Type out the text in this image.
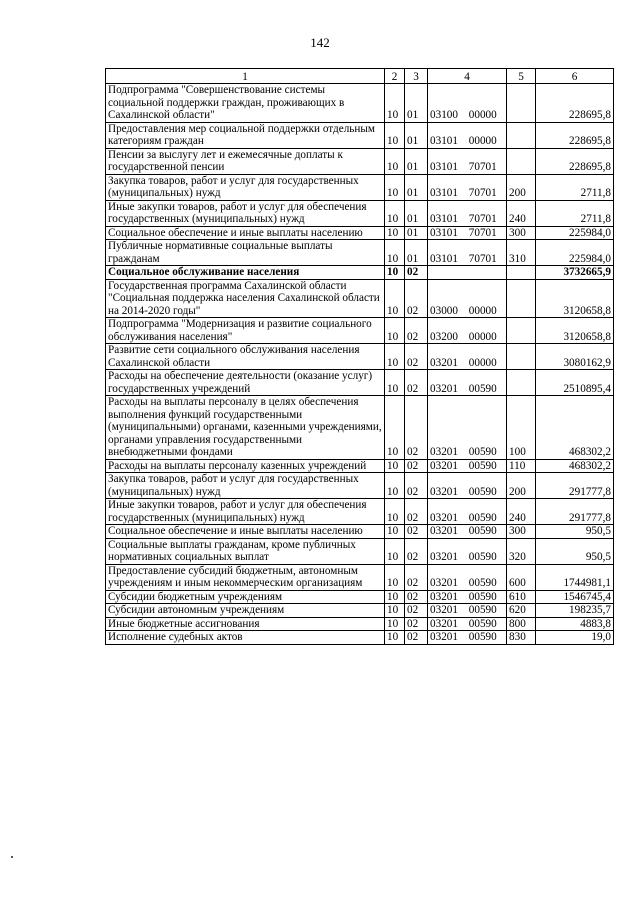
142
1	2	3	4	5	6
Подпрограмма "Совершенствование системы социальной поддержки граждан, проживающих в Сахалинской области"	10	01	03100 00000		228695,8
Предоставления мер социальной поддержки отдельным категориям граждан	10	01	03101 00000		228695,8
Пенсии за выслугу лет и ежемесячные доплаты к государственной пенсии	10	01	03101 70701		228695,8
Закупка товаров, работ и услуг для государственных (муниципальных) нужд	10	01	03101 70701	200	2711,8
Иные закупки товаров, работ и услуг для обеспечения государственных (муниципальных) нужд	10	01	03101 70701	240	2711,8
Социальное обеспечение и иные выплаты населению	10	01	03101 70701	300	225984,0
Публичные нормативные социальные выплаты гражданам	10	01	03101 70701	310	225984,0
Социальное обслуживание населения	10	02			3732665,9
Государственная программа Сахалинской области "Социальная поддержка населения Сахалинской области на 2014-2020 годы"	10	02	03000 00000		3120658,8
Подпрограмма "Модернизация и развитие социального обслуживания населения"	10	02	03200 00000		3120658,8
Развитие сети социального обслуживания населения Сахалинской области	10	02	03201 00000		3080162,9
Расходы на обеспечение деятельности (оказание услуг) государственных учреждений	10	02	03201 00590		2510895,4
Расходы на выплаты персоналу в целях обеспечения выполнения функций государственными (муниципальными) органами, казенными учреждениями, органами управления государственными внебюджетными фондами	10	02	03201 00590	100	468302,2
Расходы на выплаты персоналу казенных учреждений	10	02	03201 00590	110	468302,2
Закупка товаров, работ и услуг для государственных (муниципальных) нужд	10	02	03201 00590	200	291777,8
Иные закупки товаров, работ и услуг для обеспечения государственных (муниципальных) нужд	10	02	03201 00590	240	291777,8
Социальное обеспечение и иные выплаты населению	10	02	03201 00590	300	950,5
Социальные выплаты гражданам, кроме публичных нормативных социальных выплат	10	02	03201 00590	320	950,5
Предоставление субсидий бюджетным, автономным учреждениям и иным некоммерческим организациям	10	02	03201 00590	600	1744981,1
Субсидии бюджетным учреждениям	10	02	03201 00590	610	1546745,4
Субсидии автономным учреждениям	10	02	03201 00590	620	198235,7
Иные бюджетные ассигнования	10	02	03201 00590	800	4883,8
Исполнение судебных актов	10	02	03201 00590	830	19,0
